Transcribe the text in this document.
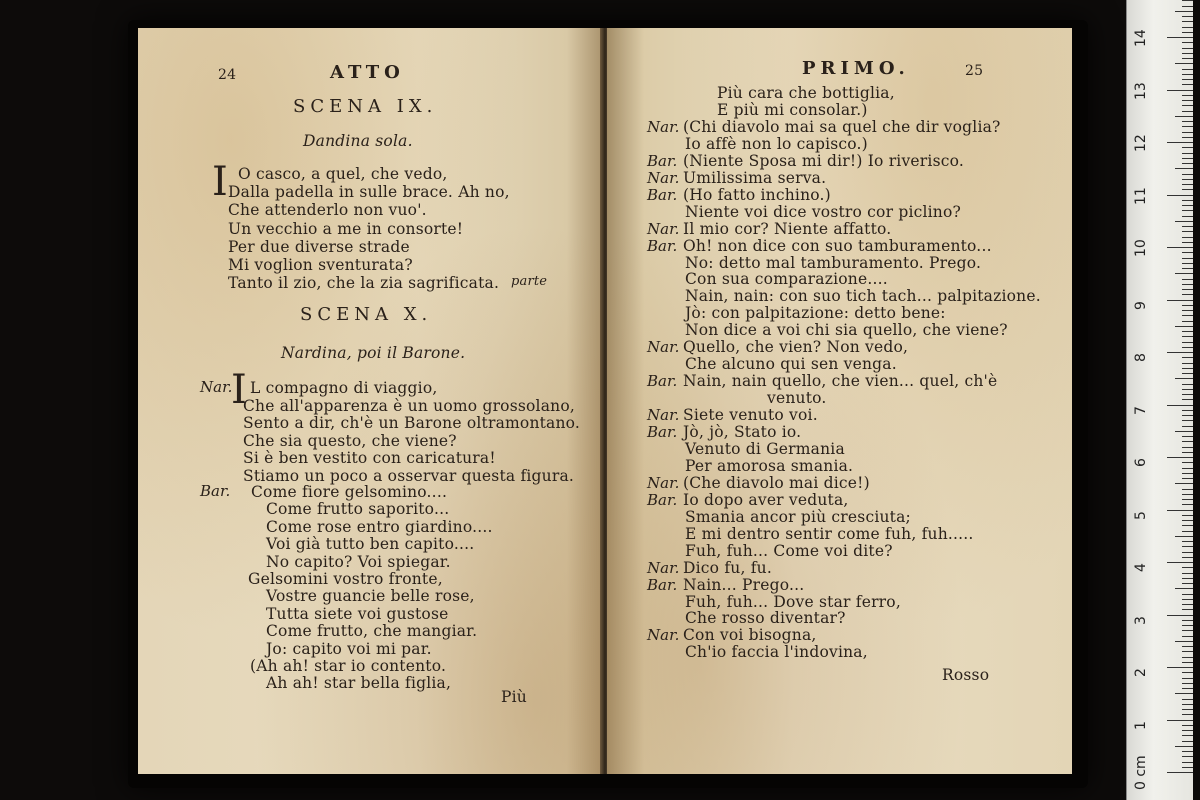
24	ATTO
SCENA IX.
Dandina sola.
I O casco, a quel, che vedo,
Dalla padella in sulle brace. Ah no,
Che attenderlo non vuo'.
Un vecchio a me in consorte!
Per due diverse strade
Mi voglion sventurata?
Tanto il zio, che la zia sagrificata. parte
SCENA X.
Nardina, poi il Barone.
Nar.
I L compagno di viaggio,
Che all'apparenza è un uomo grossolano,
Sento a dir, ch'è un Barone oltramontano.
Che sia questo, che viene?
Si è ben vestito con caricatura!
Stiamo un poco a osservar questa figura.
Bar. Come fiore gelsomino....
Come frutto saporito...
Come rose entro giardino....
Voi già tutto ben capito....
No capito? Voi spiegar.
Gelsomini vostro fronte,
Vostre guancie belle rose,
Tutta siete voi gustose
Come frutto, che mangiar.
Jo: capito voi mi par.
(Ah ah! star io contento.
Ah ah! star bella figlia,
Più
PRIMO.	25
Più cara che bottiglia,
E più mi consolar.)
Nar. (Chi diavolo mai sa quel che dir voglia?
Io affè non lo capisco.)
Bar. (Niente Sposa mi dir!) Io riverisco.
Nar. Umilissima serva.
Bar. (Ho fatto inchino.)
Niente voi dice vostro cor piclino?
Nar. Il mio cor? Niente affatto.
Bar. Oh! non dice con suo tamburamento...
No: detto mal tamburamento. Prego.
Con sua comparazione....
Nain, nain: con suo tich tach... palpitazione.
Jò: con palpitazione: detto bene:
Non dice a voi chi sia quello, che viene?
Nar. Quello, che vien? Non vedo,
Che alcuno qui sen venga.
Bar. Nain, nain quello, che vien... quel, ch'è
venuto.
Nar. Siete venuto voi.
Bar. Jò, jò, Stato io.
Venuto di Germania
Per amorosa smania.
Nar. (Che diavolo mai dice!)
Bar. Io dopo aver veduta,
Smania ancor più cresciuta;
E mi dentro sentir come fuh, fuh.....
Fuh, fuh... Come voi dite?
Nar. Dico fu, fu.
Bar. Nain... Prego...
Fuh, fuh... Dove star ferro,
Che rosso diventar?
Nar. Con voi bisogna,
Ch'io faccia l'indovina,
Rosso
0 cm
1
2
3
4
5
6
7
8
9
10
11
12
13
14
